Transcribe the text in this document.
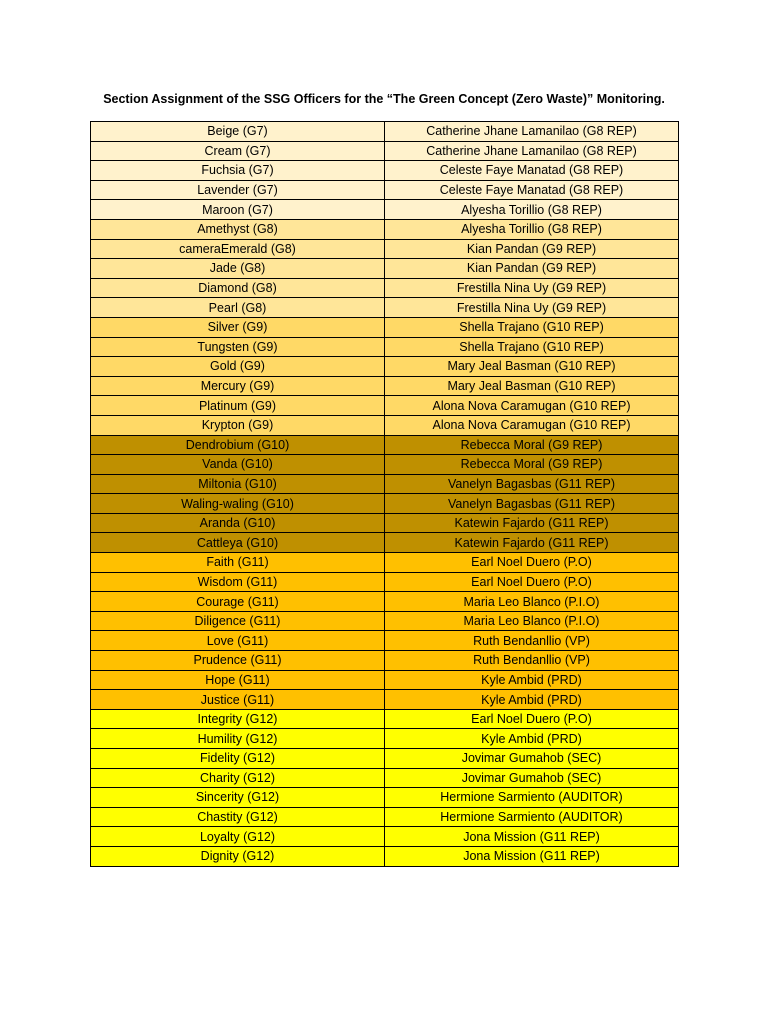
Section Assignment of the SSG Officers for the “The Green Concept (Zero Waste)” Monitoring.
Beige (G7)	Catherine Jhane Lamanilao (G8 REP)
Cream (G7)	Catherine Jhane Lamanilao (G8 REP)
Fuchsia (G7)	Celeste Faye Manatad (G8 REP)
Lavender (G7)	Celeste Faye Manatad (G8 REP)
Maroon (G7)	Alyesha Torillio (G8 REP)
Amethyst (G8)	Alyesha Torillio (G8 REP)
cameraEmerald (G8)	Kian Pandan (G9 REP)
Jade (G8)	Kian Pandan (G9 REP)
Diamond (G8)	Frestilla Nina Uy (G9 REP)
Pearl (G8)	Frestilla Nina Uy (G9 REP)
Silver (G9)	Shella Trajano (G10 REP)
Tungsten (G9)	Shella Trajano (G10 REP)
Gold (G9)	Mary Jeal Basman (G10 REP)
Mercury (G9)	Mary Jeal Basman (G10 REP)
Platinum (G9)	Alona Nova Caramugan (G10 REP)
Krypton (G9)	Alona Nova Caramugan (G10 REP)
Dendrobium (G10)	Rebecca Moral (G9 REP)
Vanda (G10)	Rebecca Moral (G9 REP)
Miltonia (G10)	Vanelyn Bagasbas (G11 REP)
Waling-waling (G10)	Vanelyn Bagasbas (G11 REP)
Aranda (G10)	Katewin Fajardo (G11 REP)
Cattleya (G10)	Katewin Fajardo (G11 REP)
Faith (G11)	Earl Noel Duero (P.O)
Wisdom (G11)	Earl Noel Duero (P.O)
Courage (G11)	Maria Leo Blanco (P.I.O)
Diligence (G11)	Maria Leo Blanco (P.I.O)
Love (G11)	Ruth Bendanllio (VP)
Prudence (G11)	Ruth Bendanllio (VP)
Hope (G11)	Kyle Ambid (PRD)
Justice (G11)	Kyle Ambid (PRD)
Integrity (G12)	Earl Noel Duero (P.O)
Humility (G12)	Kyle Ambid (PRD)
Fidelity (G12)	Jovimar Gumahob (SEC)
Charity (G12)	Jovimar Gumahob (SEC)
Sincerity (G12)	Hermione Sarmiento (AUDITOR)
Chastity (G12)	Hermione Sarmiento (AUDITOR)
Loyalty (G12)	Jona Mission (G11 REP)
Dignity (G12)	Jona Mission (G11 REP)
